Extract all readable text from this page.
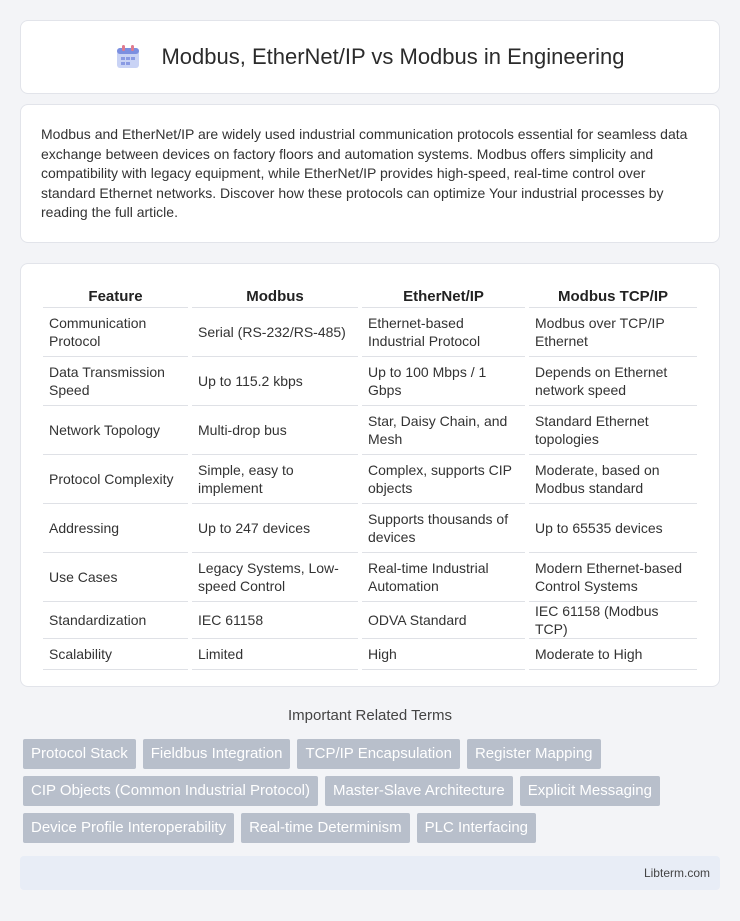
Modbus, EtherNet/IP vs Modbus in Engineering

Modbus and EtherNet/IP are widely used industrial communication protocols essential for seamless data exchange between devices on factory floors and automation systems. Modbus offers simplicity and compatibility with legacy equipment, while EtherNet/IP provides high-speed, real-time control over standard Ethernet networks. Discover how these protocols can optimize Your industrial processes by reading the full article.

Feature	Modbus	EtherNet/IP	Modbus TCP/IP
Communication Protocol	Serial (RS-232/RS-485)	Ethernet-based Industrial Protocol	Modbus over TCP/IP Ethernet
Data Transmission Speed	Up to 115.2 kbps	Up to 100 Mbps / 1 Gbps	Depends on Ethernet network speed
Network Topology	Multi-drop bus	Star, Daisy Chain, and Mesh	Standard Ethernet topologies
Protocol Complexity	Simple, easy to implement	Complex, supports CIP objects	Moderate, based on Modbus standard
Addressing	Up to 247 devices	Supports thousands of devices	Up to 65535 devices
Use Cases	Legacy Systems, Low-speed Control	Real-time Industrial Automation	Modern Ethernet-based Control Systems
Standardization	IEC 61158	ODVA Standard	IEC 61158 (Modbus TCP)
Scalability	Limited	High	Moderate to High
Important Related Terms
Protocol Stack	Fieldbus Integration	TCP/IP Encapsulation	Register Mapping
CIP Objects (Common Industrial Protocol)	Master-Slave Architecture	Explicit Messaging
Device Profile Interoperability	Real-time Determinism	PLC Interfacing
Libterm.com
